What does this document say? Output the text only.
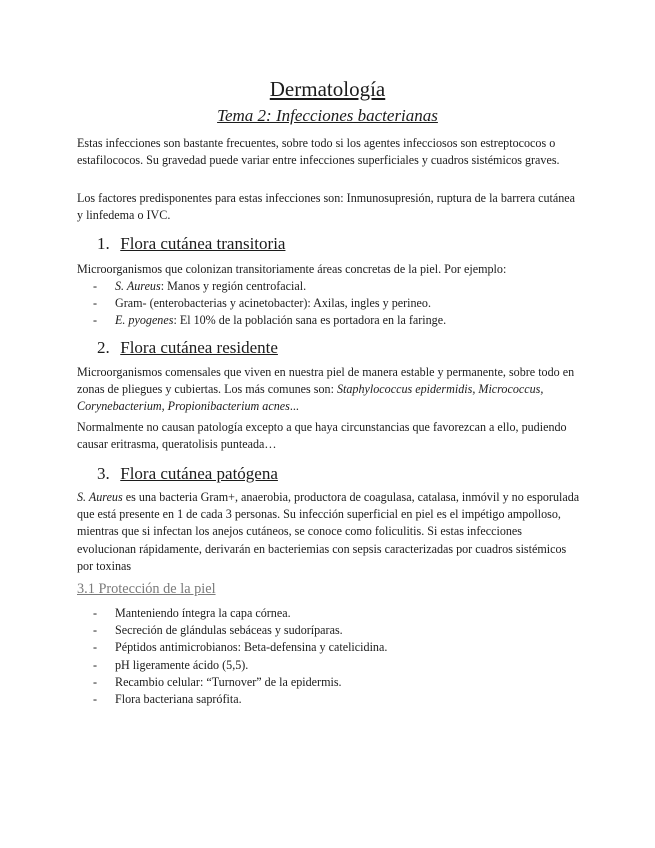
Dermatología
Tema 2: Infecciones bacterianas

Estas infecciones son bastante frecuentes, sobre todo si los agentes infecciosos son estreptococos o estafilococos. Su gravedad puede variar entre infecciones superficiales y cuadros sistémicos graves.

Los factores predisponentes para estas infecciones son: Inmunosupresión, ruptura de la barrera cutánea y linfedema o IVC.

1. Flora cutánea transitoria

Microorganismos que colonizan transitoriamente áreas concretas de la piel. Por ejemplo:

- S. Aureus: Manos y región centrofacial.
- Gram- (enterobacterias y acinetobacter): Axilas, ingles y perineo.
- E. pyogenes: El 10% de la población sana es portadora en la faringe.
2. Flora cutánea residente

Microorganismos comensales que viven en nuestra piel de manera estable y permanente, sobre todo en zonas de pliegues y cubiertas. Los más comunes son: Staphylococcus epidermidis, Micrococcus, Corynebacterium, Propionibacterium acnes...

Normalmente no causan patología excepto a que haya circunstancias que favorezcan a ello, pudiendo causar eritrasma, queratolisis punteada…

3. Flora cutánea patógena

S. Aureus es una bacteria Gram+, anaerobia, productora de coagulasa, catalasa, inmóvil y no esporulada que está presente en 1 de cada 3 personas. Su infección superficial en piel es el impétigo ampolloso, mientras que si infectan los anejos cutáneos, se conoce como foliculitis. Si estas infecciones evolucionan rápidamente, derivarán en bacteriemias con sepsis caracterizadas por cuadros sistémicos por toxinas

3.1 Protección de la piel
- Manteniendo íntegra la capa córnea.
- Secreción de glándulas sebáceas y sudoríparas.
- Péptidos antimicrobianos: Beta-defensina y catelicidina.
- pH ligeramente ácido (5,5).
- Recambio celular: “Turnover” de la epidermis.
- Flora bacteriana saprófita.
